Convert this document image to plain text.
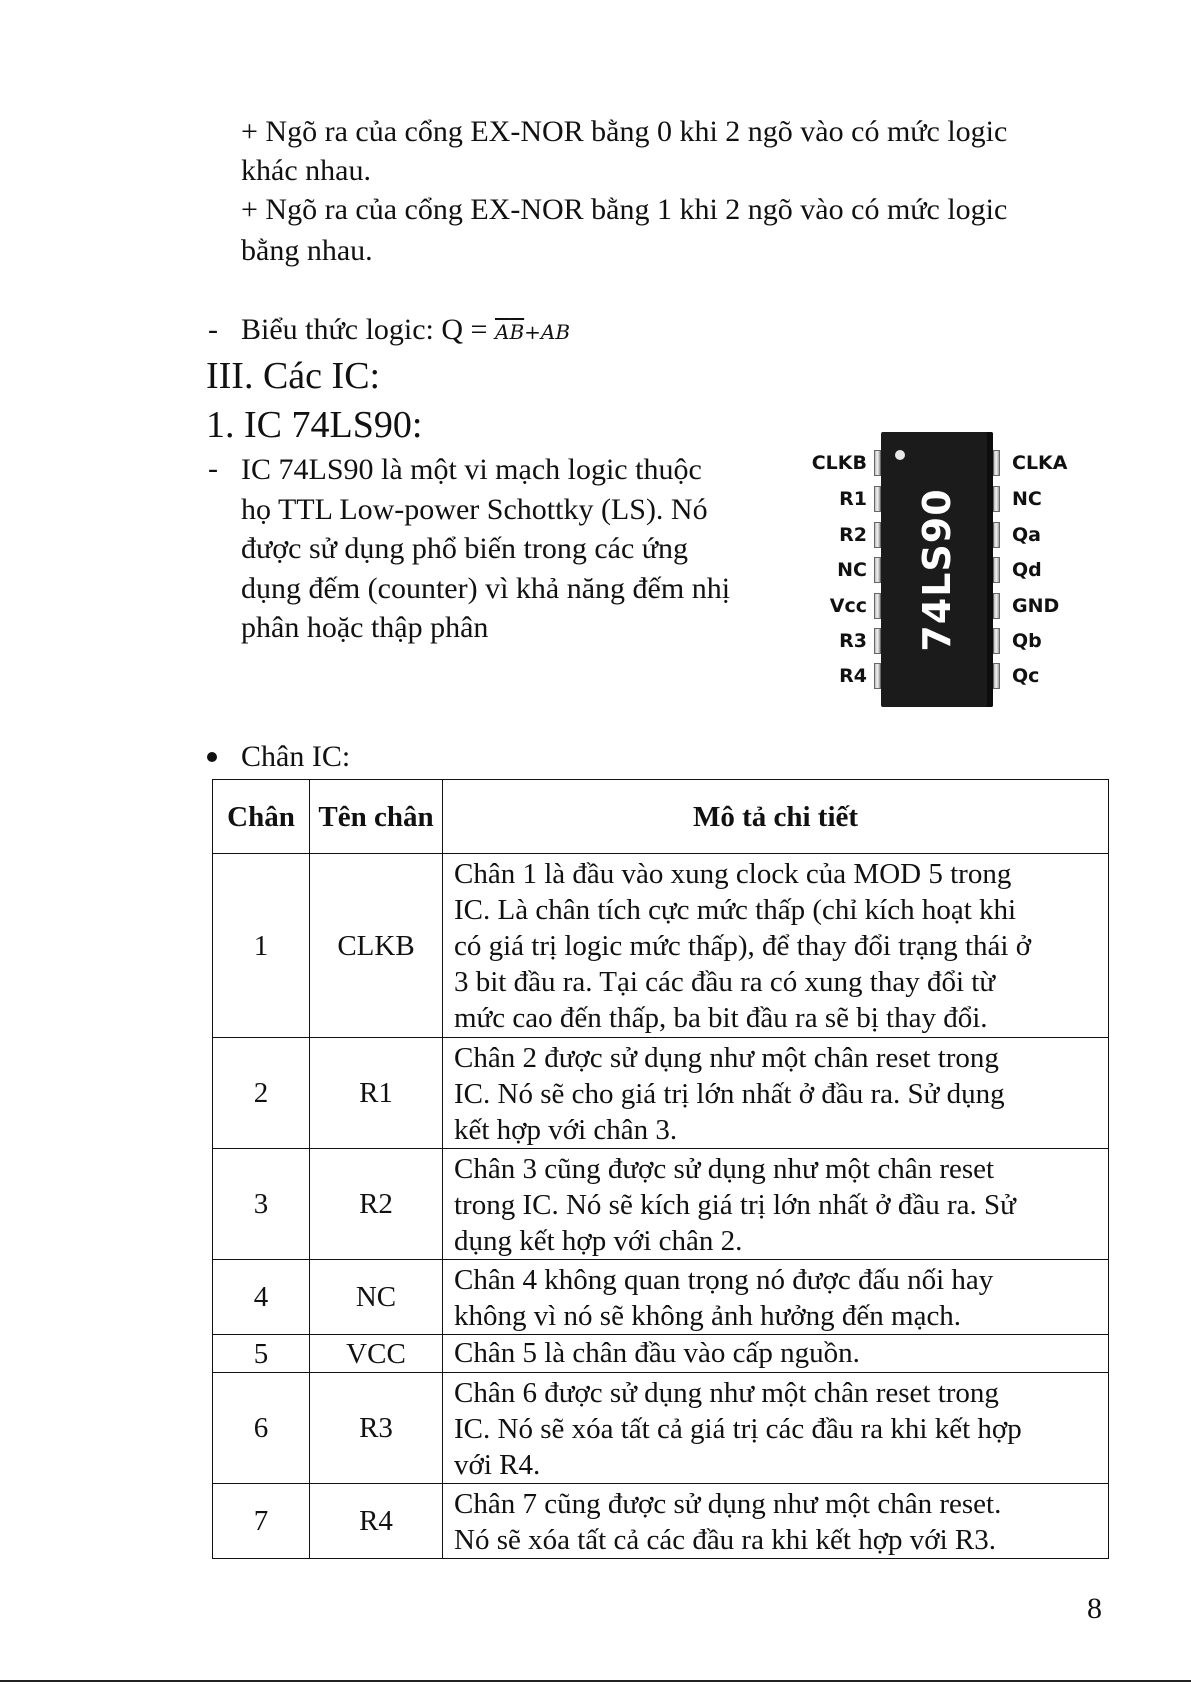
+ Ngõ ra của cổng EX-NOR bằng 0 khi 2 ngõ vào có mức logic
khác nhau.
+ Ngõ ra của cổng EX-NOR bằng 1 khi 2 ngõ vào có mức logic
bằng nhau.
- Biểu thức logic: $Q = \overline{A}\overline{B}+AB$
III. Các IC:
1. IC 74LS90:
- IC 74LS90 là một vi mạch logic thuộc
họ TTL Low-power Schottky (LS). Nó
được sử dụng phổ biến trong các ứng
dụng đếm (counter) vì khả năng đếm nhị
phân hoặc thập phân	74LS90
CLKB
R1
R2
NC
Vcc
R3
R4
CLKA
NC
Qa
Qd
GND
Qb
Qc
Chân IC:
Chân	Tên chân	Mô tả chi tiết
1	CLKB	Chân 1 là đầu vào xung clock của MOD 5 trong
IC. Là chân tích cực mức thấp (chỉ kích hoạt khi
có giá trị logic mức thấp), để thay đổi trạng thái ở
3 bit đầu ra. Tại các đầu ra có xung thay đổi từ
mức cao đến thấp, ba bit đầu ra sẽ bị thay đổi.

2	R1	Chân 2 được sử dụng như một chân reset trong
IC. Nó sẽ cho giá trị lớn nhất ở đầu ra. Sử dụng
kết hợp với chân 3.

3	R2	Chân 3 cũng được sử dụng như một chân reset
trong IC. Nó sẽ kích giá trị lớn nhất ở đầu ra. Sử
dụng kết hợp với chân 2.

4	NC	Chân 4 không quan trọng nó được đấu nối hay
không vì nó sẽ không ảnh hưởng đến mạch.

5	VCC	Chân 5 là chân đầu vào cấp nguồn.

6	R3	Chân 6 được sử dụng như một chân reset trong
IC. Nó sẽ xóa tất cả giá trị các đầu ra khi kết hợp
với R4.

7	R4	Chân 7 cũng được sử dụng như một chân reset.
Nó sẽ xóa tất cả các đầu ra khi kết hợp với R3.
8
